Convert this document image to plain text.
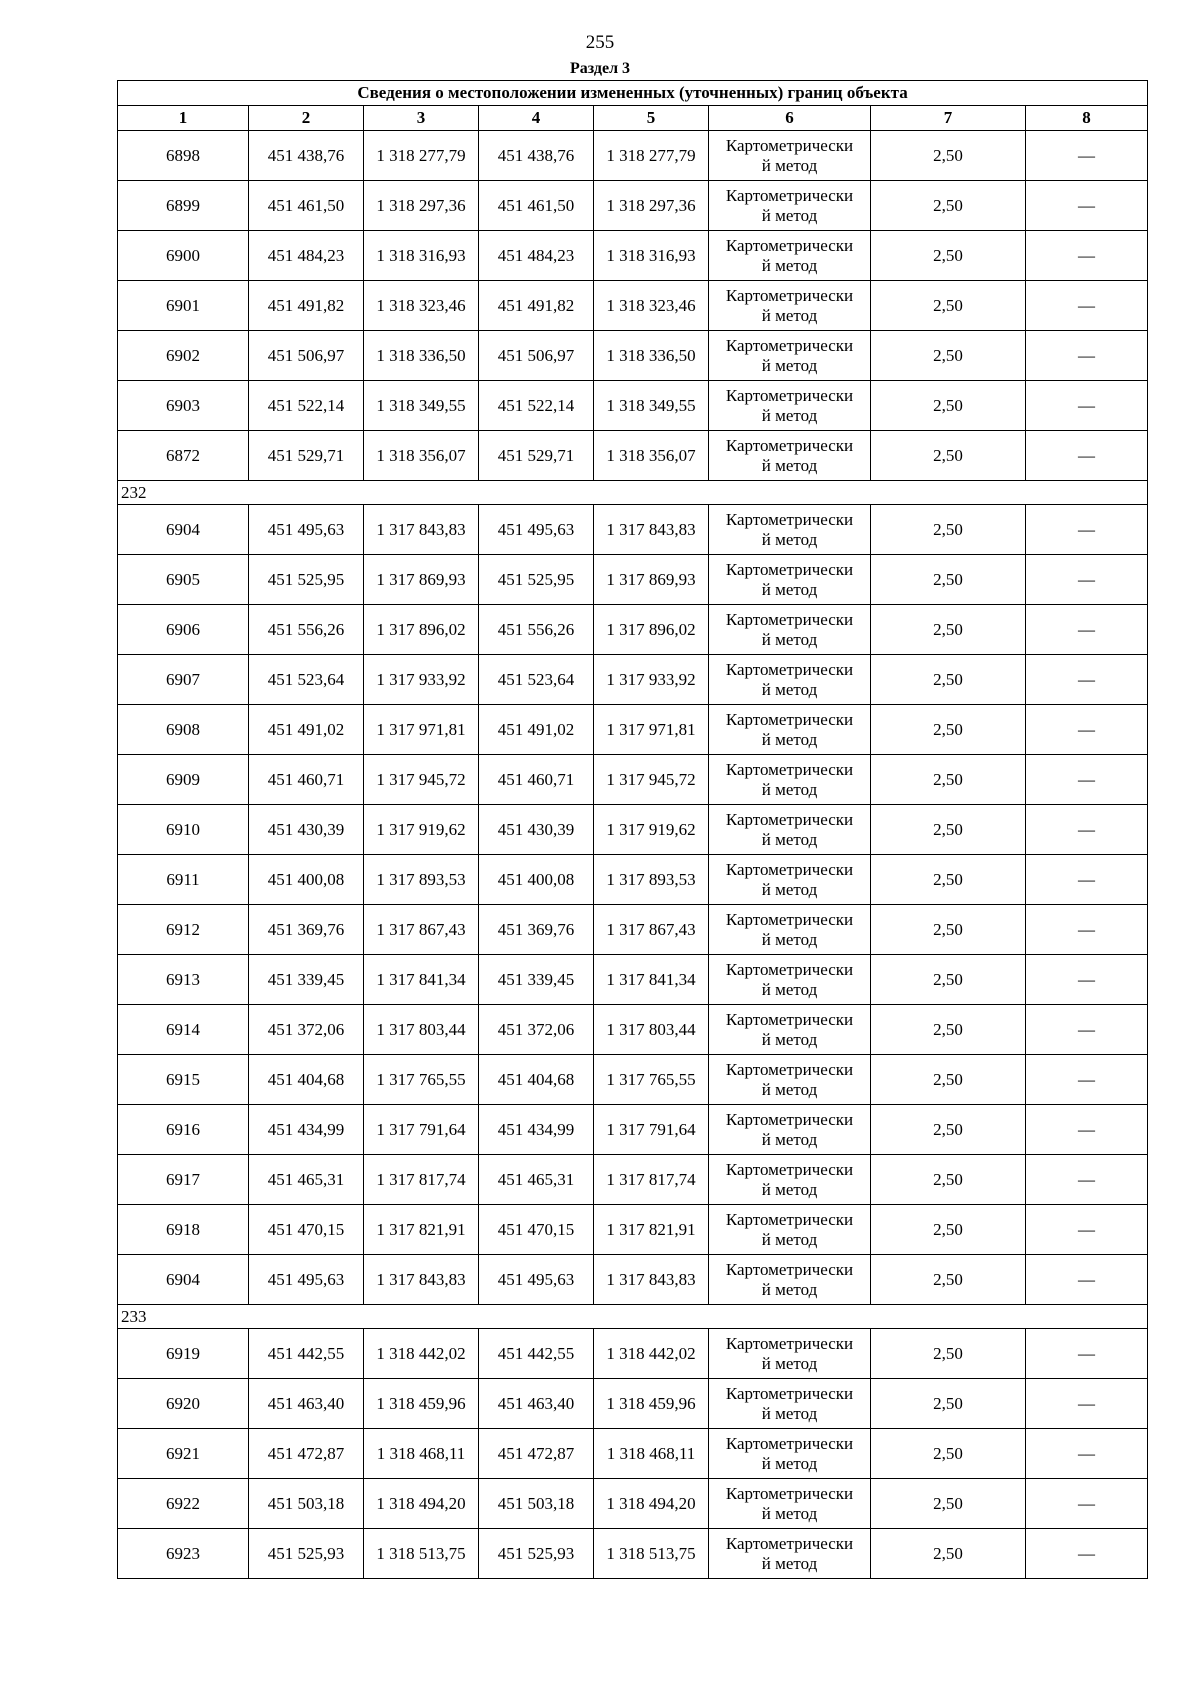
255
Раздел 3
Сведения о местоположении измененных (уточненных) границ объекта							
1	2	3	4	5	6	7	8
6898	451 438,76	1 318 277,79	451 438,76	1 318 277,79	Картометрически
й метод	2,50	—
6899	451 461,50	1 318 297,36	451 461,50	1 318 297,36	Картометрически
й метод	2,50	—
6900	451 484,23	1 318 316,93	451 484,23	1 318 316,93	Картометрически
й метод	2,50	—
6901	451 491,82	1 318 323,46	451 491,82	1 318 323,46	Картометрически
й метод	2,50	—
6902	451 506,97	1 318 336,50	451 506,97	1 318 336,50	Картометрически
й метод	2,50	—
6903	451 522,14	1 318 349,55	451 522,14	1 318 349,55	Картометрически
й метод	2,50	—
6872	451 529,71	1 318 356,07	451 529,71	1 318 356,07	Картометрически
й метод	2,50	—
232							
6904	451 495,63	1 317 843,83	451 495,63	1 317 843,83	Картометрически
й метод	2,50	—
6905	451 525,95	1 317 869,93	451 525,95	1 317 869,93	Картометрически
й метод	2,50	—
6906	451 556,26	1 317 896,02	451 556,26	1 317 896,02	Картометрически
й метод	2,50	—
6907	451 523,64	1 317 933,92	451 523,64	1 317 933,92	Картометрически
й метод	2,50	—
6908	451 491,02	1 317 971,81	451 491,02	1 317 971,81	Картометрически
й метод	2,50	—
6909	451 460,71	1 317 945,72	451 460,71	1 317 945,72	Картометрически
й метод	2,50	—
6910	451 430,39	1 317 919,62	451 430,39	1 317 919,62	Картометрически
й метод	2,50	—
6911	451 400,08	1 317 893,53	451 400,08	1 317 893,53	Картометрически
й метод	2,50	—
6912	451 369,76	1 317 867,43	451 369,76	1 317 867,43	Картометрически
й метод	2,50	—
6913	451 339,45	1 317 841,34	451 339,45	1 317 841,34	Картометрически
й метод	2,50	—
6914	451 372,06	1 317 803,44	451 372,06	1 317 803,44	Картометрически
й метод	2,50	—
6915	451 404,68	1 317 765,55	451 404,68	1 317 765,55	Картометрически
й метод	2,50	—
6916	451 434,99	1 317 791,64	451 434,99	1 317 791,64	Картометрически
й метод	2,50	—
6917	451 465,31	1 317 817,74	451 465,31	1 317 817,74	Картометрически
й метод	2,50	—
6918	451 470,15	1 317 821,91	451 470,15	1 317 821,91	Картометрически
й метод	2,50	—
6904	451 495,63	1 317 843,83	451 495,63	1 317 843,83	Картометрически
й метод	2,50	—
233							
6919	451 442,55	1 318 442,02	451 442,55	1 318 442,02	Картометрически
й метод	2,50	—
6920	451 463,40	1 318 459,96	451 463,40	1 318 459,96	Картометрически
й метод	2,50	—
6921	451 472,87	1 318 468,11	451 472,87	1 318 468,11	Картометрически
й метод	2,50	—
6922	451 503,18	1 318 494,20	451 503,18	1 318 494,20	Картометрически
й метод	2,50	—
6923	451 525,93	1 318 513,75	451 525,93	1 318 513,75	Картометрически
й метод	2,50	—
